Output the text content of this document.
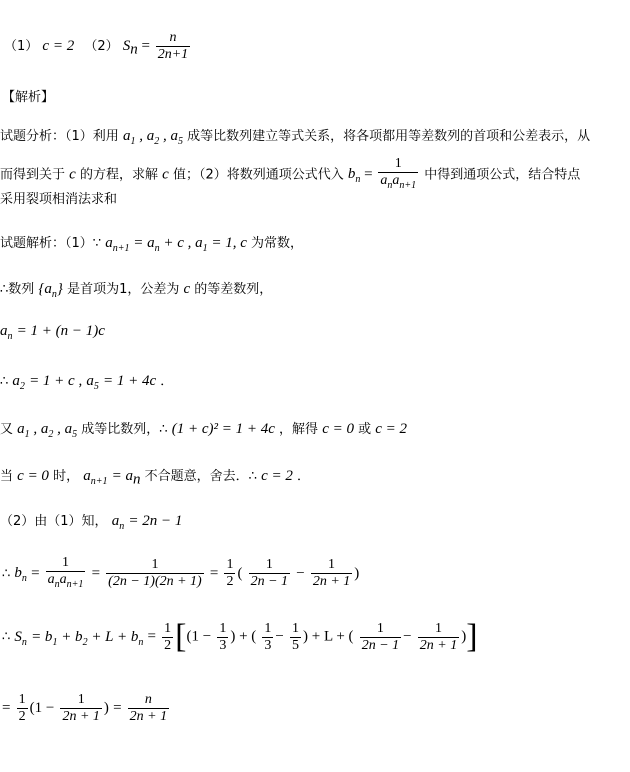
（1） c = 2 （2） $S_n = \frac{n}{2n+1}$
【解析】
试题分析：（1）利用 $a_1$ , $a_2$ , $a_5$ 成等比数列建立等式关系，将各项都用等差数列的首项和公差表示，从
而得到关于 c 的方程，求解 c 值；（2）将数列通项公式代入 $b_n = \frac{1}{a_na_{n+1}}$ 中得到通项公式，结合特点
采用裂项相消法求和
试题解析：（1）∵ $a_{n+1} = a_n + c$ , $a_1 = 1$, c 为常数，
∴数列 $\{a_n\}$ 是首项为1，公差为 c 的等差数列，
$a_n = 1 + (n - 1)c$
∴ $a_2 = 1 + c$ , $a_5 = 1 + 4c$ ．
又 $a_1$ , $a_2$ , $a_5$ 成等比数列，∴ (1 + c)² = 1 + 4c ，解得 c = 0 或 c = 2
当 c = 0 时， $a_{n+1} = a_n$ 不合题意，舍去．∴ c = 2 ．
（2）由（1）知， $a_n = 2n - 1$
∴ $b_n = \frac{1}{a_na_{n+1}} = \frac{1}{(2n - 1)(2n + 1)} = \frac{1}{2}$ ( $\frac{1}{2n - 1} - \frac{1}{2n + 1}$ )
∴ $S_n = b_1 + b_2 + L + b_n = \frac{1}{2} [(1 - \frac{1}{3}$ ) + ( $\frac{1}{3} - \frac{1}{5}$ ) + L + ( $\frac{1}{2n - 1} - \frac{1}{2n + 1}$ )]
= $\frac{1}{2} (1 - \frac{1}{2n + 1}$ ) = $\frac{n}{2n + 1}$
